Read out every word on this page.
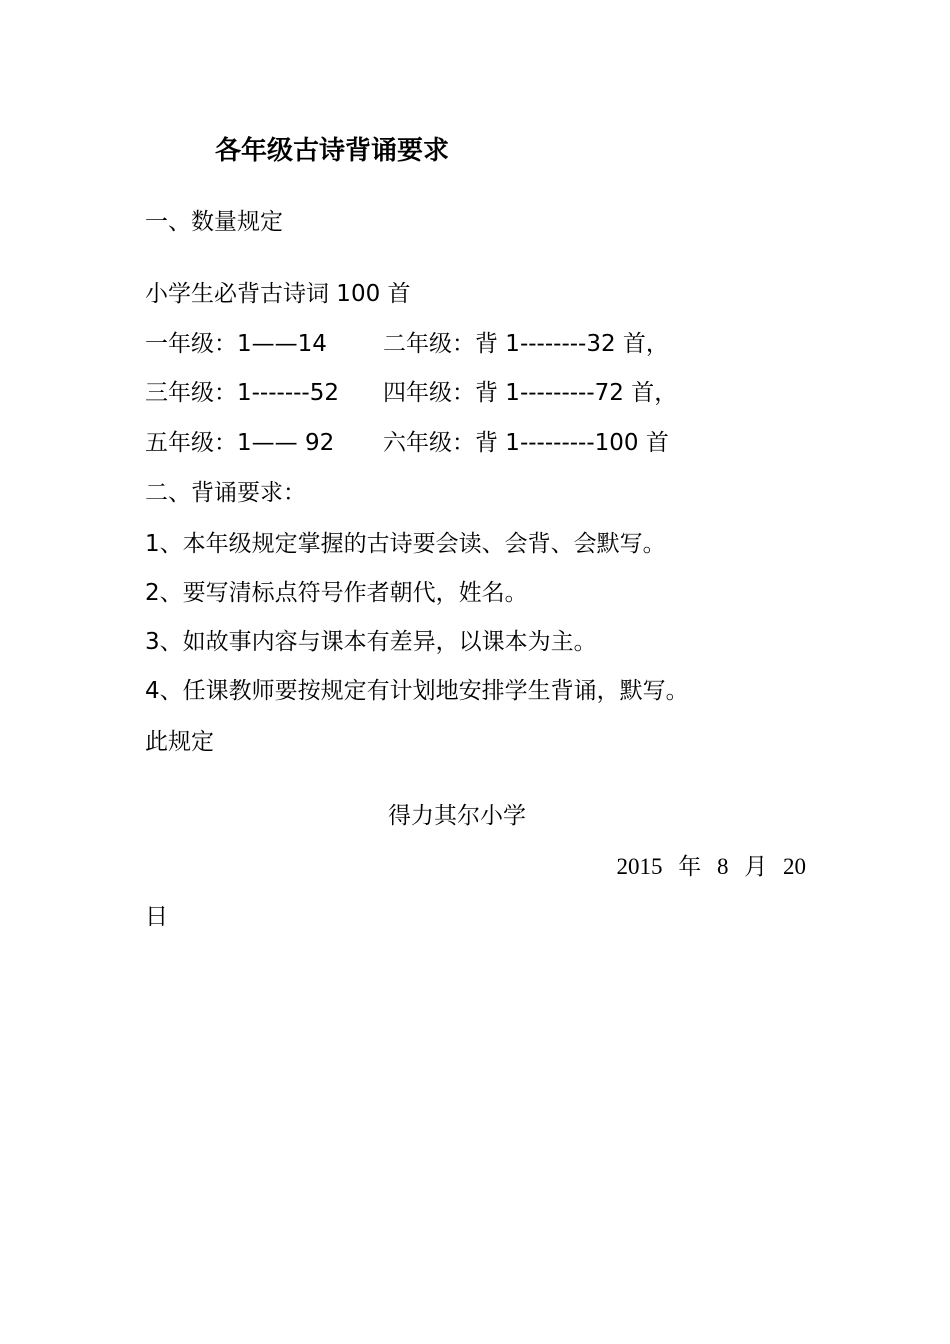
各年级古诗背诵要求
一、数量规定
小学生必背古诗词 100 首
一年级：1——14 二年级：背 1--------32 首，
三年级：1-------52 四年级：背 1---------72 首，
五年级：1—— 92 六年级：背 1---------100 首
二、背诵要求：
1、本年级规定掌握的古诗要会读、会背、会默写。
2、要写清标点符号作者朝代，姓名。
3、如故事内容与课本有差异，以课本为主。
4、任课教师要按规定有计划地安排学生背诵，默写。
此规定
得力其尔小学
2015 年 8 月 20
日
